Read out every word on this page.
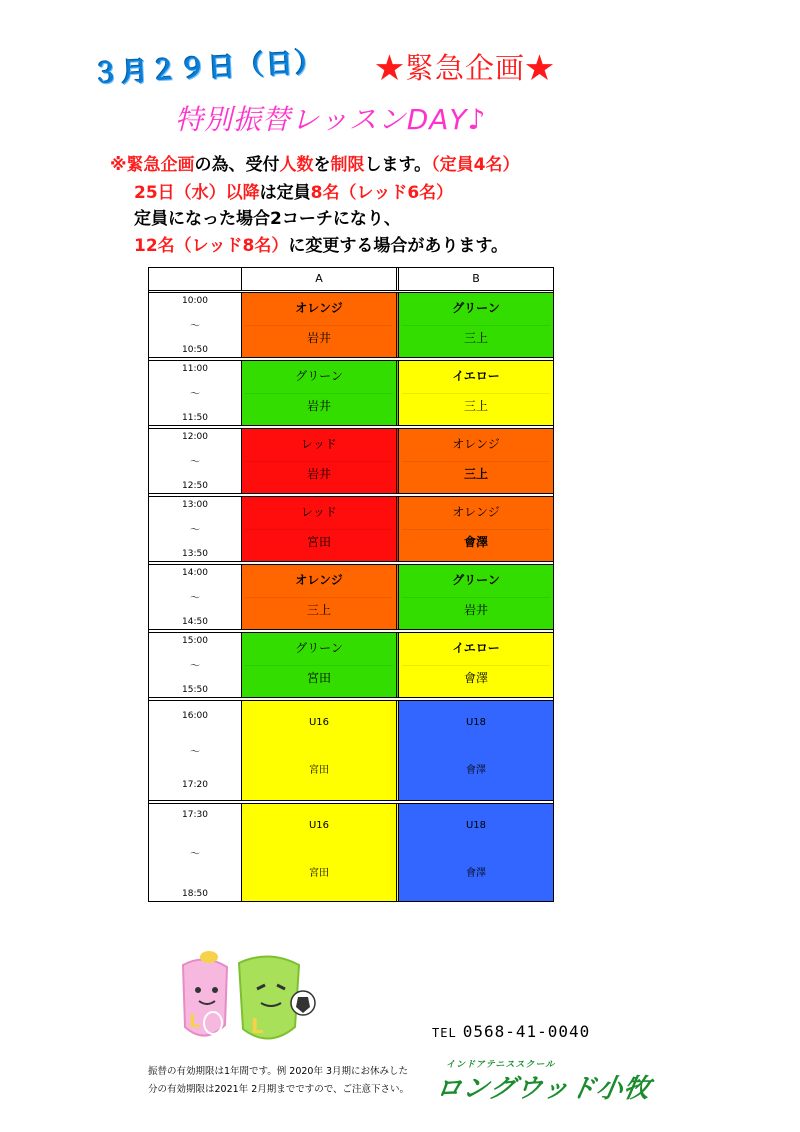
３月２９日（日） ★緊急企画★
特別振替レッスンDAY♪
※緊急企画の為、受付人数を制限します。（定員4名）
25日（水）以降は定員8名（レッド6名）
定員になった場合2コーチになり、
12名（レッド8名）に変更する場合があります。
A	B
10:00
～
10:50
オレンジ
岩井
グリーン
三上
11:00
～
11:50
グリーン
岩井
イエロー
三上
12:00
～
12:50
レッド
岩井
オレンジ
三上
13:00
～
13:50
レッド
宮田
オレンジ
會澤
14:00
～
14:50
オレンジ
三上
グリーン
岩井
15:00
～
15:50
グリーン
宮田
イエロー
會澤
16:00
～
17:20
U16
宮田
U18
會澤
17:30
～
18:50
U16
宮田
U18
會澤
L	L
振替の有効期限は1年間です。例 2020年 3月期にお休みした
分の有効期限は2021年 2月期までですので、ご注意下さい。
TEL 0568-41-0040
インドアテニススクール
ロングウッド小牧
